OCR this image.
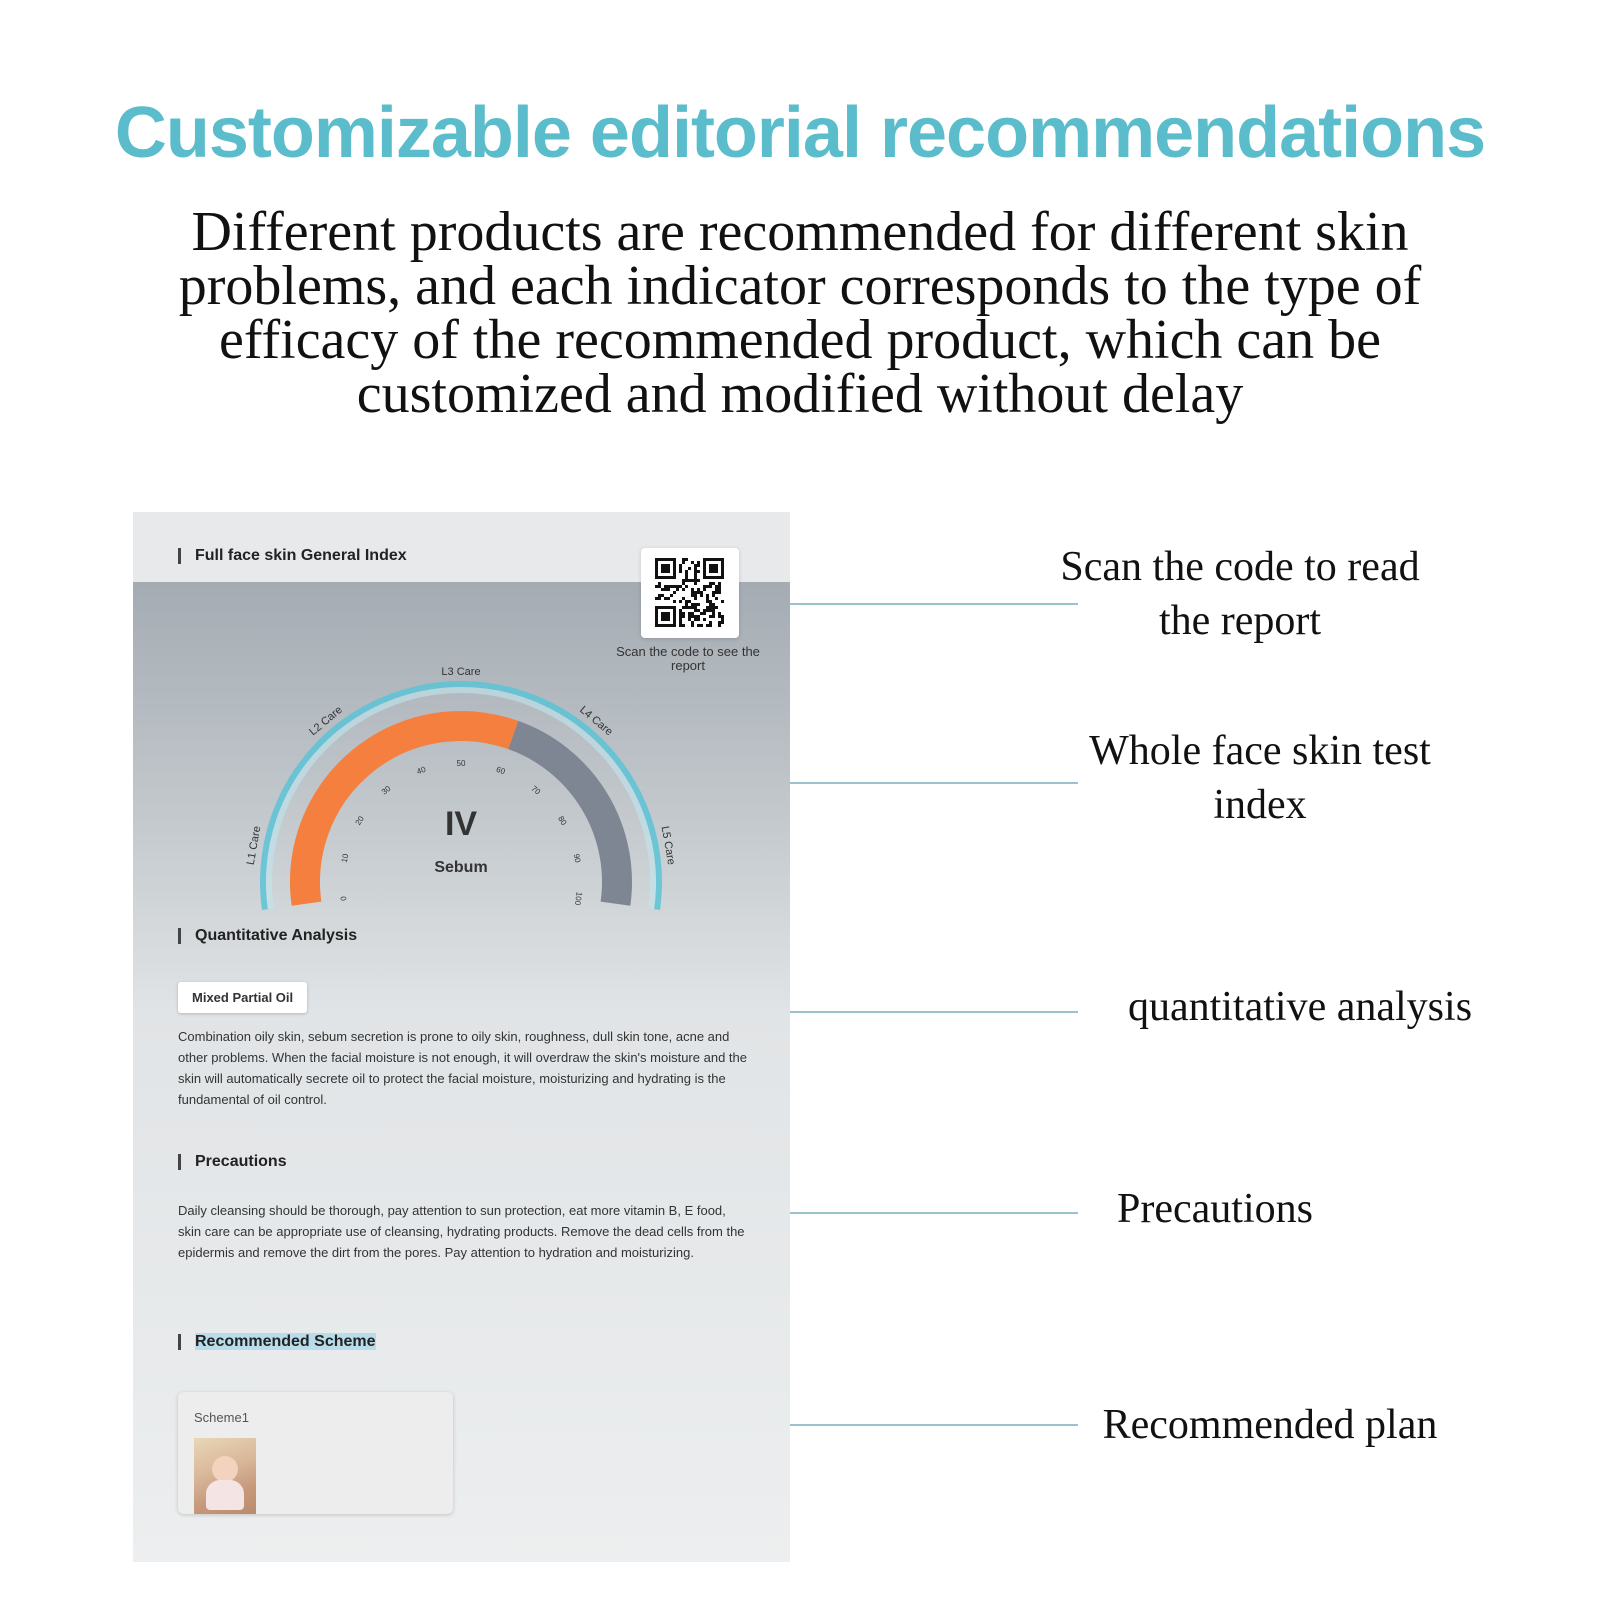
Customizable editorial recommendations
Different products are recommended for different skin problems, and each indicator corresponds to the type of efficacy of the recommended product, which can be customized and modified without delay
Full face skin General Index
Scan the code to see the report
0
10
20
30
40
50
60
70
80
90
100
L1 Care
L2 Care
L3 Care
L4 Care
L5 Care
IV
Sebum
Quantitative Analysis
Mixed Partial Oil
Combination oily skin, sebum secretion is prone to oily skin, roughness, dull skin tone, acne and other problems. When the facial moisture is not enough, it will overdraw the skin's moisture and the skin will automatically secrete oil to protect the facial moisture, moisturizing and hydrating is the fundamental of oil control.
Precautions
Daily cleansing should be thorough, pay attention to sun protection, eat more vitamin B, E food, skin care can be appropriate use of cleansing, hydrating products. Remove the dead cells from the epidermis and remove the dirt from the pores. Pay attention to hydration and moisturizing.
Recommended Scheme
Scheme1
Scan the code to read the report
Whole face skin test index
quantitative analysis
Precautions
Recommended plan
